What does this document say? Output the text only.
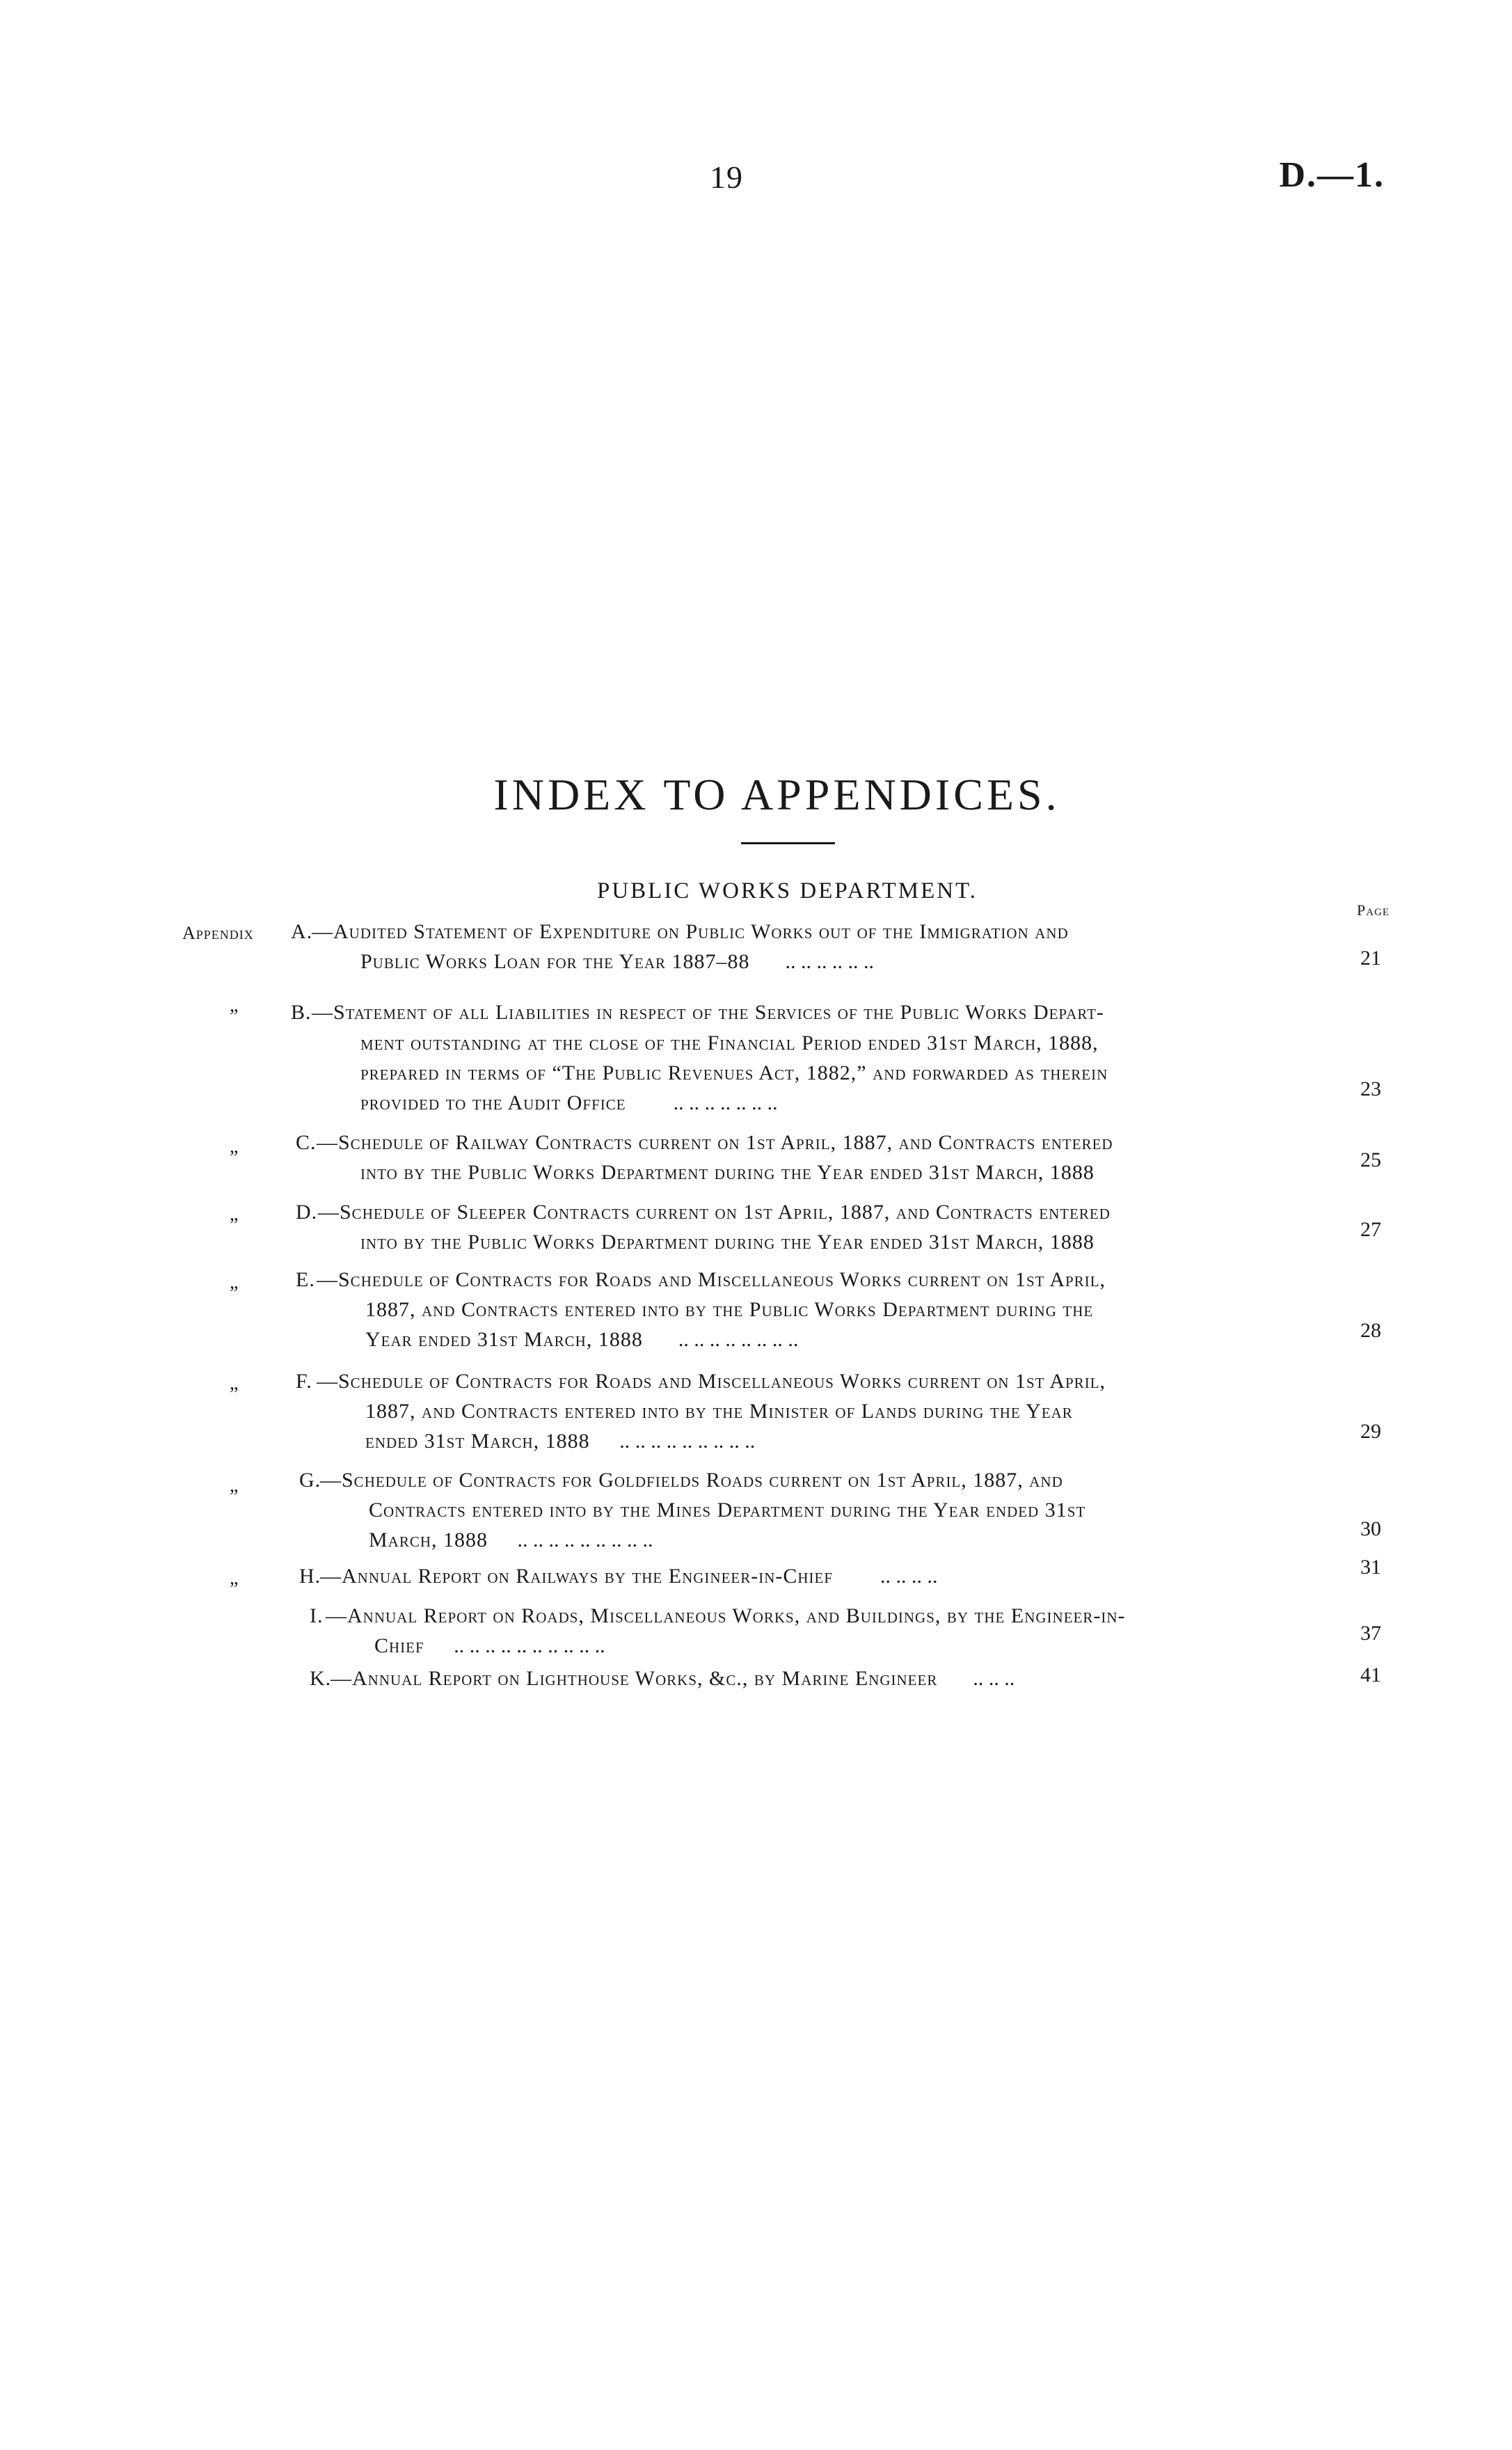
19	D.—1.
INDEX TO APPENDICES.
PUBLIC WORKS DEPARTMENT.
Page
Appendix A.
—Audited Statement of Expenditure on Public Works out of the Immigration and
Public Works Loan for the Year 1887–88 .. .. .. .. .. ..	21
”	B. —Statement of all Liabilities in respect of the Services of the Public Works Depart-
ment outstanding at the close of the Financial Period ended 31st March, 1888,
prepared in terms of “The Public Revenues Act, 1882,” and forwarded as therein
provided to the Audit Office .. .. .. .. .. .. ..
23
”
C. —Schedule of Railway Contracts current on 1st April, 1887, and Contracts entered
into by the Public Works Department during the Year ended 31st March, 1888
25
”
D. —Schedule of Sleeper Contracts current on 1st April, 1887, and Contracts entered
into by the Public Works Department during the Year ended 31st March, 1888
27
”
E. —Schedule of Contracts for Roads and Miscellaneous Works current on 1st April,
1887, and Contracts entered into by the Public Works Department during the
Year ended 31st March, 1888 .. .. .. .. .. .. .. ..	28
”
F. —Schedule of Contracts for Roads and Miscellaneous Works current on 1st April,
1887, and Contracts entered into by the Minister of Lands during the Year
ended 31st March, 1888 .. .. .. .. .. .. .. .. ..	29
”
G.
—Schedule of Contracts for Goldfields Roads current on 1st April, 1887, and
Contracts entered into by the Mines Department during the Year ended 31st
March, 1888 .. .. .. .. .. .. .. .. ..	30
”
H.
—Annual Report on Railways by the Engineer-in-Chief .. .. .. ..	31
I. —Annual Report on Roads, Miscellaneous Works, and Buildings, by the Engineer-in-
Chief .. .. .. .. .. .. .. .. .. ..
37
K.
—Annual Report on Lighthouse Works, &c., by Marine Engineer .. .. ..	41
